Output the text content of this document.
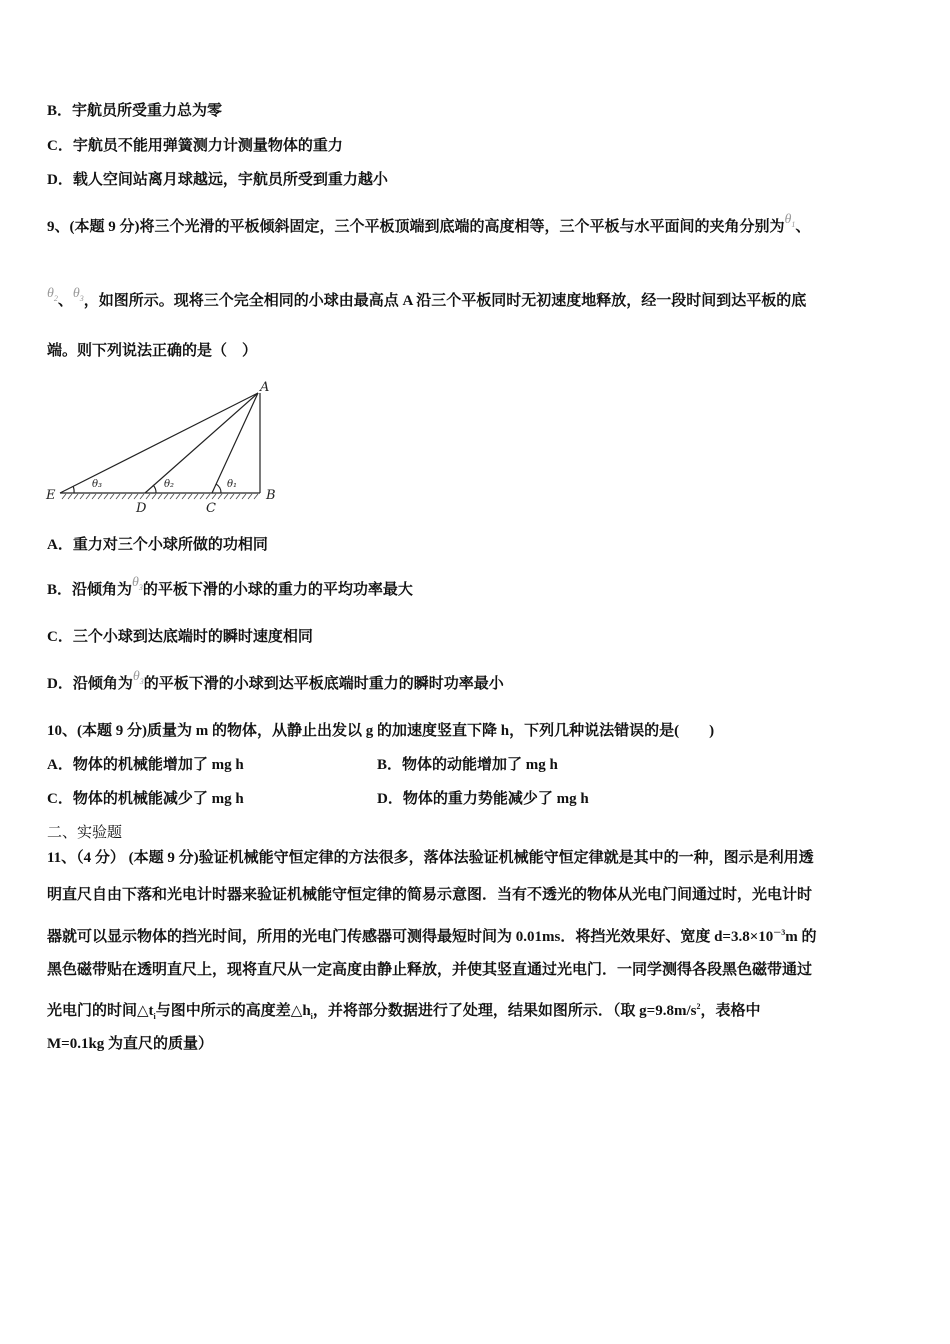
B．宇航员所受重力总为零
C．宇航员不能用弹簧测力计测量物体的重力
D．载人空间站离月球越远，宇航员所受到重力越小
9、(本题 9 分)将三个光滑的平板倾斜固定，三个平板顶端到底端的高度相等，三个平板与水平面间的夹角分别为$\theta_1$、
$\theta_2$、$\theta_3$，如图所示。现将三个完全相同的小球由最高点 A 沿三个平板同时无初速度地释放，经一段时间到达平板的底
端。则下列说法正确的是（　）
A
B
C
D
E
θ₃	θ₂	θ₁
A．重力对三个小球所做的功相同
B．沿倾角为$\theta_3$的平板下滑的小球的重力的平均功率最大
C．三个小球到达底端时的瞬时速度相同
D．沿倾角为$\theta_3$的平板下滑的小球到达平板底端时重力的瞬时功率最小
10、(本题 9 分)质量为 m 的物体，从静止出发以 g 的加速度竖直下降 h，下列几种说法错误的是(　　)
A．物体的机械能增加了 mg h	B．物体的动能增加了 mg h
C．物体的机械能减少了 mg h	D．物体的重力势能减少了 mg h
二、实验题
11、（4 分） (本题 9 分)验证机械能守恒定律的方法很多，落体法验证机械能守恒定律就是其中的一种，图示是利用透
明直尺自由下落和光电计时器来验证机械能守恒定律的简易示意图．当有不透光的物体从光电门间通过时，光电计时
器就可以显示物体的挡光时间，所用的光电门传感器可测得最短时间为 0.01ms．将挡光效果好、宽度 $d=3.8\times 10^{-3}m$ 的
黑色磁带贴在透明直尺上，现将直尺从一定高度由静止释放，并使其竖直通过光电门．一同学测得各段黑色磁带通过
光电门的时间$\triangle t_i$与图中所示的高度差$\triangle h_i$，并将部分数据进行了处理，结果如图所示．（取 $g=9.8m/s^2$，表格中
M=0.1kg 为直尺的质量）
